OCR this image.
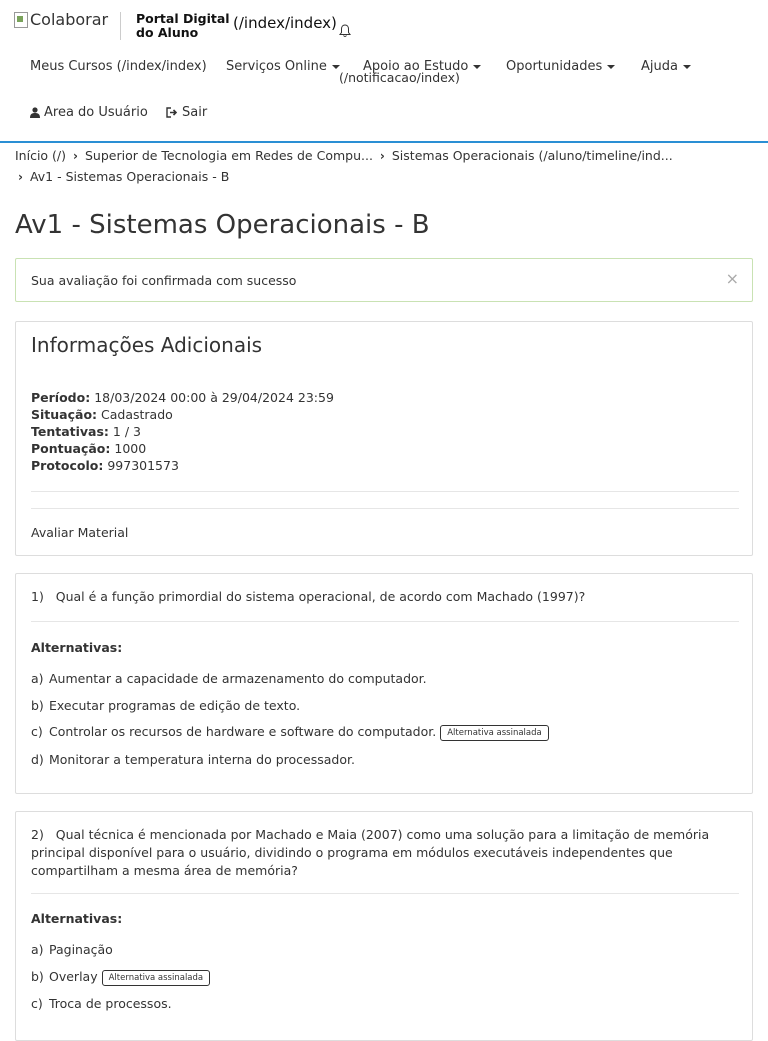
Colaborar Portal Digital
do Aluno
(/index/index)
Meus Cursos (/index/index) Serviços Online	Apoio ao Estudo	Oportunidades	Ajuda
(/notificacao/index)
Area do Usuário	Sair
Início (/) › Superior de Tecnologia em Redes de Compu... › Sistemas Operacionais (/aluno/timeline/ind...
› Av1 - Sistemas Operacionais - B
Av1 - Sistemas Operacionais - B
Sua avaliação foi confirmada com sucesso	×
Informações Adicionais
Período: 18/03/2024 00:00 à 29/04/2024 23:59
Situação: Cadastrado
Tentativas: 1 / 3
Pontuação: 1000
Protocolo: 997301573
Avaliar Material
1) Qual é a função primordial do sistema operacional, de acordo com Machado (1997)?
Alternativas:
a) Aumentar a capacidade de armazenamento do computador.
b) Executar programas de edição de texto.
c) Controlar os recursos de hardware e software do computador. Alternativa assinalada
d) Monitorar a temperatura interna do processador.
2) Qual técnica é mencionada por Machado e Maia (2007) como uma solução para a limitação de memória principal disponível para o usuário, dividindo o programa em módulos executáveis independentes que compartilham a mesma área de memória?
Alternativas:
a) Paginação
b) Overlay Alternativa assinalada
c) Troca de processos.
